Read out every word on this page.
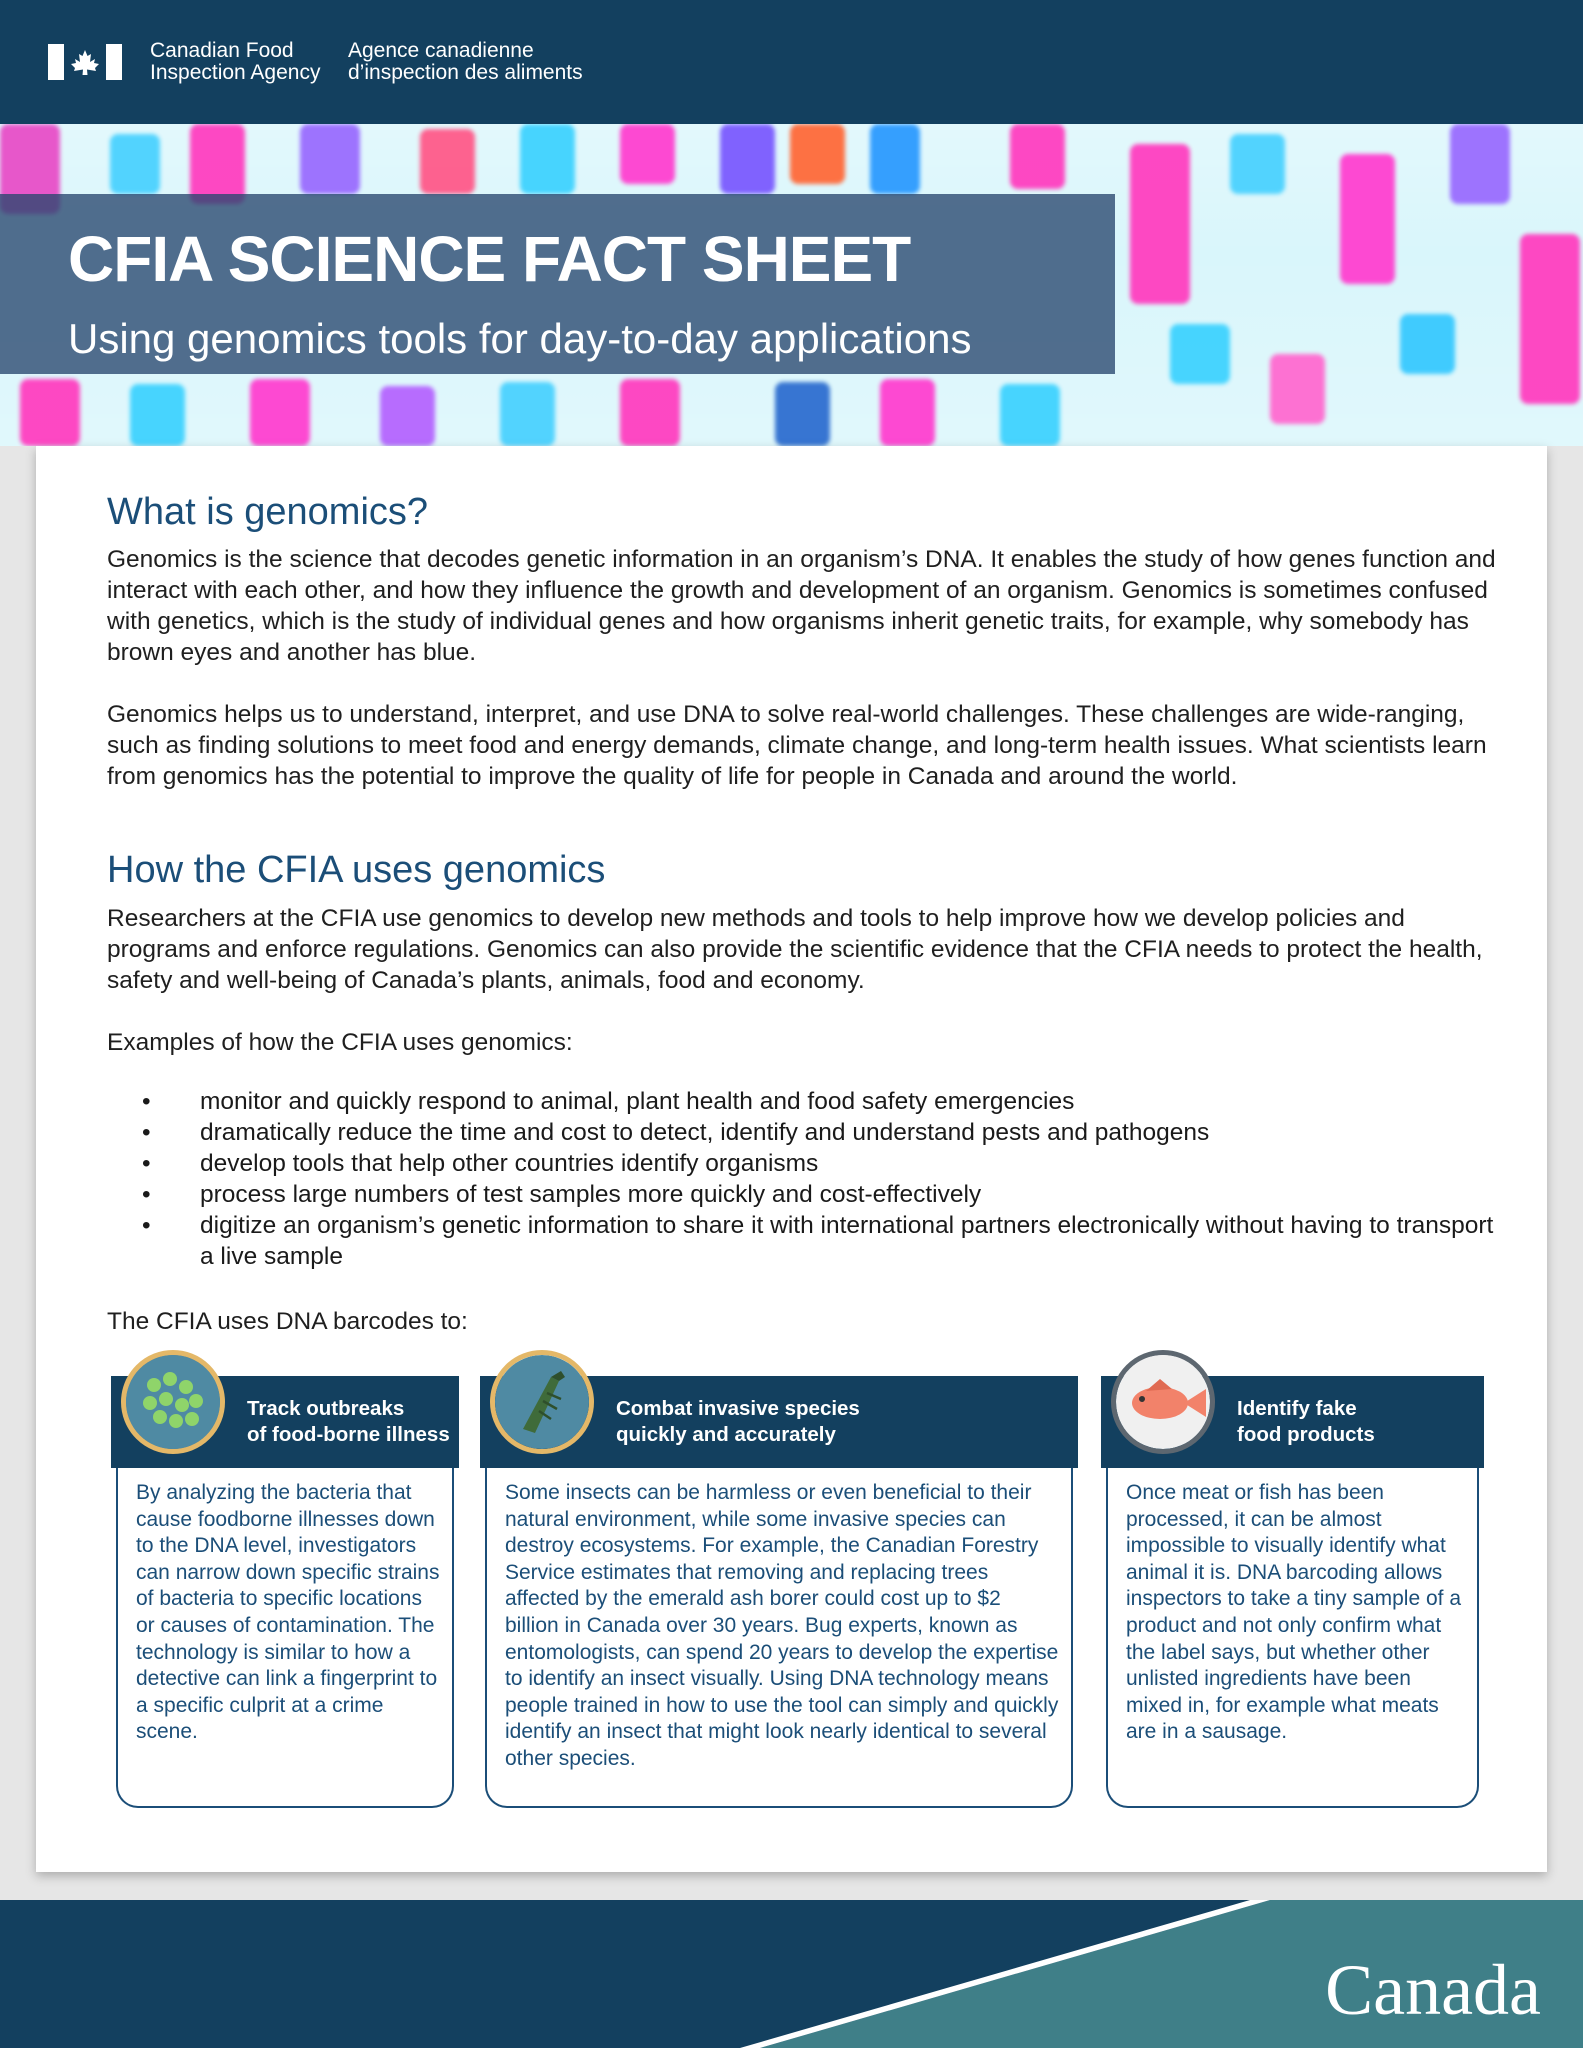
Canadian Food
Inspection Agency
Agence canadienne
d’inspection des aliments
CFIA SCIENCE FACT SHEET
Using genomics tools for day-to-day applications
What is genomics?

Genomics is the science that decodes genetic information in an organism’s DNA. It enables the study of how genes function and interact with each other, and how they influence the growth and development of an organism. Genomics is sometimes confused with genetics, which is the study of individual genes and how organisms inherit genetic traits, for example, why somebody has brown eyes and another has blue.

Genomics helps us to understand, interpret, and use DNA to solve real-world challenges. These challenges are wide-ranging, such as finding solutions to meet food and energy demands, climate change, and long-term health issues. What scientists learn from genomics has the potential to improve the quality of life for people in Canada and around the world.

How the CFIA uses genomics

Researchers at the CFIA use genomics to develop new methods and tools to help improve how we develop policies and programs and enforce regulations. Genomics can also provide the scientific evidence that the CFIA needs to protect the health, safety and well-being of Canada’s plants, animals, food and economy.

Examples of how the CFIA uses genomics:

• monitor and quickly respond to animal, plant health and food safety emergencies
• dramatically reduce the time and cost to detect, identify and understand pests and pathogens
• develop tools that help other countries identify organisms
• process large numbers of test samples more quickly and cost-effectively
• digitize an organism’s genetic information to share it with international partners electronically without having to transport a live sample

The CFIA uses DNA barcodes to:

Track outbreaks
of food-borne illness
By analyzing the bacteria that cause foodborne illnesses down to the DNA level, investigators can narrow down specific strains of bacteria to specific locations or causes of contamination. The technology is similar to how a detective can link a fingerprint to a specific culprit at a crime scene.
Combat invasive species
quickly and accurately
Some insects can be harmless or even beneficial to their natural environment, while some invasive species can destroy ecosystems. For example, the Canadian Forestry Service estimates that removing and replacing trees affected by the emerald ash borer could cost up to $2 billion in Canada over 30 years. Bug experts, known as entomologists, can spend 20 years to develop the expertise to identify an insect visually. Using DNA technology means people trained in how to use the tool can simply and quickly identify an insect that might look nearly identical to several other species.
Identify fake
food products
Once meat or fish has been processed, it can be almost impossible to visually identify what animal it is. DNA barcoding allows inspectors to take a tiny sample of a product and not only confirm what the label says, but whether other unlisted ingredients have been mixed in, for example what meats are in a sausage.
Canada
